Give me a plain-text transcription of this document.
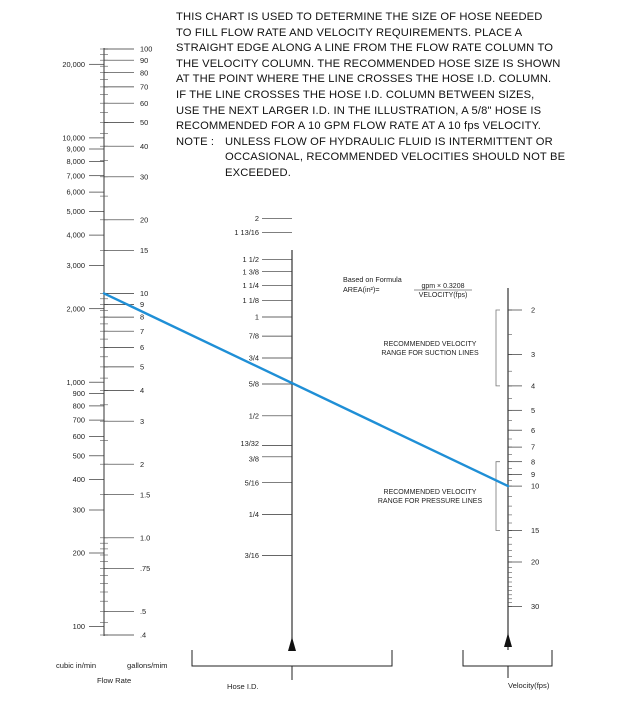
THIS CHART IS USED TO DETERMINE THE SIZE OF HOSE NEEDED
TO FILL FLOW RATE AND VELOCITY REQUIREMENTS. PLACE A
STRAIGHT EDGE ALONG A LINE FROM THE FLOW RATE COLUMN TO
THE VELOCITY COLUMN. THE RECOMMENDED HOSE SIZE IS SHOWN
AT THE POINT WHERE THE LINE CROSSES THE HOSE I.D. COLUMN.
IF THE LINE CROSSES THE HOSE I.D. COLUMN BETWEEN SIZES,
USE THE NEXT LARGER I.D. IN THE ILLUSTRATION, A 5/8" HOSE IS
RECOMMENDED FOR A 10 GPM FLOW RATE AT A 10 fps VELOCITY.
NOTE : UNLESS FLOW OF HYDRAULIC FLUID IS INTERMITTENT OR
OCCASIONAL, RECOMMENDED VELOCITIES SHOULD NOT BE
EXCEEDED.
20,000
10,000
9,000
8,000
7,000
6,000
5,000
4,000
3,000
2,000
1,000
900
800
700
600
500
400
300
200
100
100
90
80
70
60
50
40
30
20
15
10
9
8
7
6
5
4
3
2
1.5
1.0
.75
.5
.4
2
1 13/16
1 1/2
1 3/8
1 1/4
1 1/8
1
7/8
3/4
5/8
1/2
13/32
3/8
5/16
1/4
3/16
2
3
4
5
6
7
8
9
10
15
20
30
RECOMMENDED VELOCITY
RANGE FOR SUCTION LINES
RECOMMENDED VELOCITY
RANGE FOR PRESSURE LINES
Based on Formula
AREA(in²)=	gpm × 0.3208
VELOCITY(fps)
cubic in/min	gallons/mim
Flow Rate
Hose I.D.	Velocity(fps)
